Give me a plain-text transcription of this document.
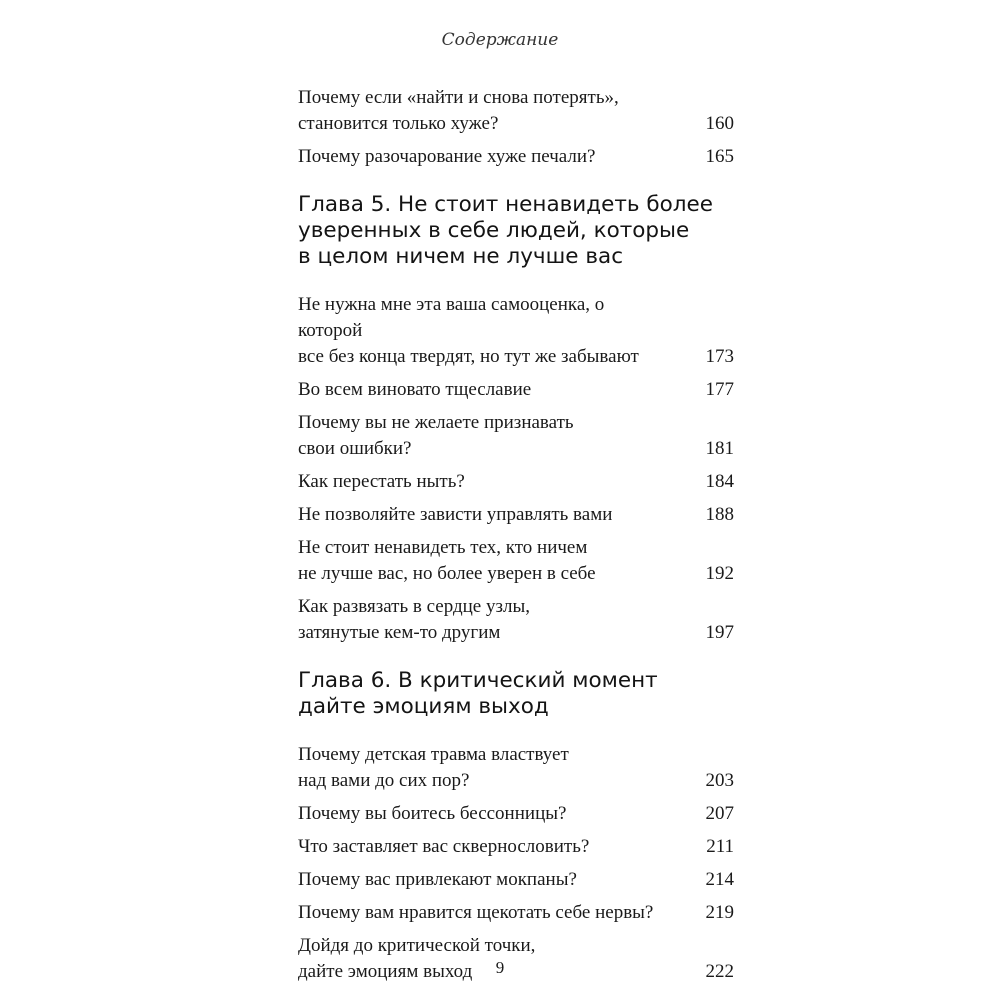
Содержание
Почему если «найти и снова потерять»,
становится только хуже?	160
Почему разочарование хуже печали?	165
Глава 5. Не стоит ненавидеть более
уверенных в себе людей, которые
в целом ничем не лучше вас
Не нужна мне эта ваша самооценка, о которой
все без конца твердят, но тут же забывают	173
Во всем виновато тщеславие	177
Почему вы не желаете признавать
свои ошибки?	181
Как перестать ныть?	184
Не позволяйте зависти управлять вами	188
Не стоит ненавидеть тех, кто ничем
не лучше вас, но более уверен в себе	192
Как развязать в сердце узлы,
затянутые кем-то другим	197
Глава 6. В критический момент
дайте эмоциям выход
Почему детская травма властвует
над вами до сих пор?	203
Почему вы боитесь бессонницы?	207
Что заставляет вас сквернословить?	211
Почему вас привлекают мокпаны?	214
Почему вам нравится щекотать себе нервы?	219
Дойдя до критической точки,
дайте эмоциям выход	222
9
